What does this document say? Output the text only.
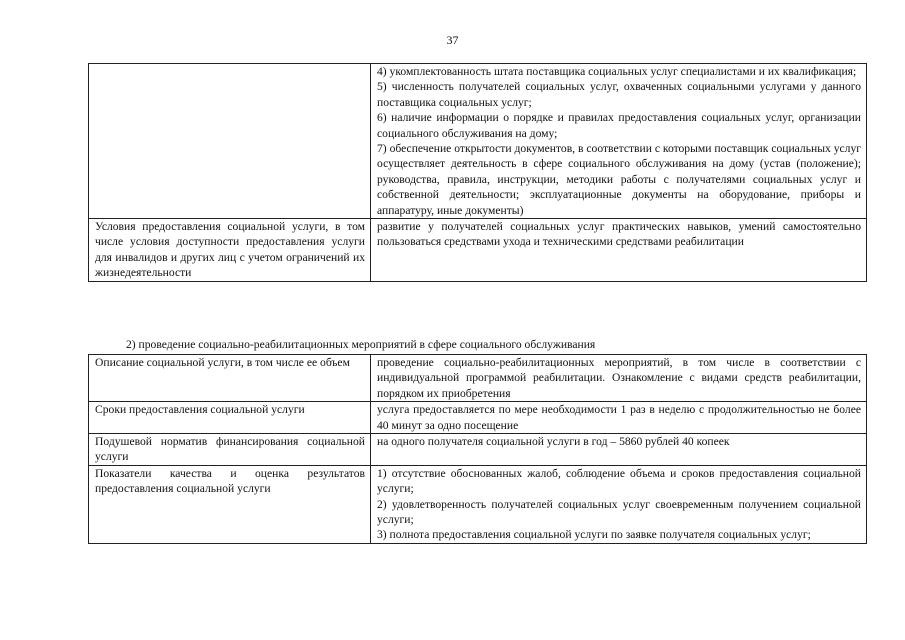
37

	4) укомплектованность штата поставщика социальных услуг специалистами и их квалификация;

5) численность получателей социальных услуг, охваченных социальными услугами у данного поставщика социальных услуг;

6) наличие информации о порядке и правилах предоставления социальных услуг, организации социального обслуживания на дому;

7) обеспечение открытости документов, в соответствии с которыми поставщик социальных услуг осуществляет деятельность в сфере социального обслуживания на дому (устав (положение); руководства, правила, инструкции, методики работы с получателями социальных услуг и собственной деятельности; эксплуатационные документы на оборудование, приборы и аппаратуру, иные документы)

Условия предоставления социальной услуги, в том числе условия доступности предоставления услуги для инвалидов и других лиц с учетом ограничений их жизнедеятельности	развитие у получателей социальных услуг практических навыков, умений самостоятельно пользоваться средствами ухода и техническими средствами реабилитации
2) проведение социально-реабилитационных мероприятий в сфере социального обслуживания
Описание социальной услуги, в том числе ее объем	проведение социально-реабилитационных мероприятий, в том числе в соответствии с индивидуальной программой реабилитации. Ознакомление с видами средств реабилитации, порядком их приобретения
Сроки предоставления социальной услуги	услуга предоставляется по мере необходимости 1 раз в неделю с продолжительностью не более 40 минут за одно посещение
Подушевой норматив финансирования социальной услуги	на одного получателя социальной услуги в год – 5860 рублей 40 копеек
Показатели качества и оценка результатов предоставления социальной услуги	1) отсутствие обоснованных жалоб, соблюдение объема и сроков предоставления социальной услуги;

2) удовлетворенность получателей социальных услуг своевременным получением социальной услуги;

3) полнота предоставления социальной услуги по заявке получателя социальных услуг;
